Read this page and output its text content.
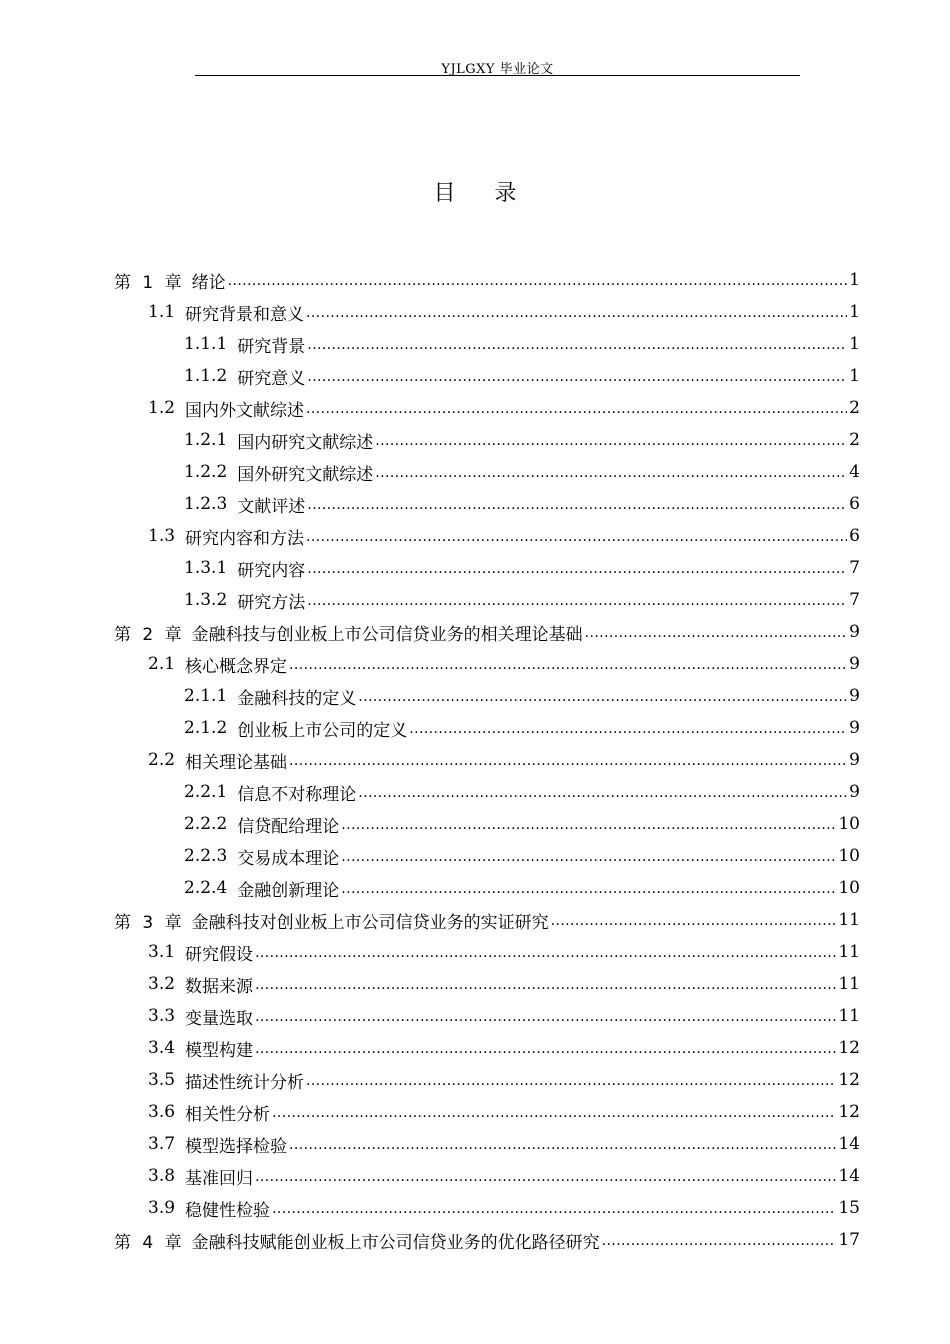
YJLGXY 毕业论文
目 录
第 1 章 绪论 .....	1
1.1 研究背景和意义 .....	1
1.1.1 研究背景 .....	1
1.1.2 研究意义 .....	1
1.2 国内外文献综述 .....	2
1.2.1 国内研究文献综述 .....	2
1.2.2 国外研究文献综述 .....	4
1.2.3 文献评述 .....	6
1.3 研究内容和方法 .....	6
1.3.1 研究内容 .....	7
1.3.2 研究方法 .....	7
第 2 章 金融科技与创业板上市公司信贷业务的相关理论基础 .....	9
2.1 核心概念界定 .....	9
2.1.1 金融科技的定义 .....	9
2.1.2 创业板上市公司的定义 .....	9
2.2 相关理论基础 .....	9
2.2.1 信息不对称理论 .....	9
2.2.2 信贷配给理论 .....	10
2.2.3 交易成本理论 .....	10
2.2.4 金融创新理论 .....	10
第 3 章 金融科技对创业板上市公司信贷业务的实证研究 .....	11
3.1 研究假设 .....	11
3.2 数据来源 .....	11
3.3 变量选取 .....	11
3.4 模型构建 .....	12
3.5 描述性统计分析 .....	12
3.6 相关性分析 .....	12
3.7 模型选择检验 .....	14
3.8 基准回归 .....	14
3.9 稳健性检验 .....	15
第 4 章 金融科技赋能创业板上市公司信贷业务的优化路径研究 .....	17
